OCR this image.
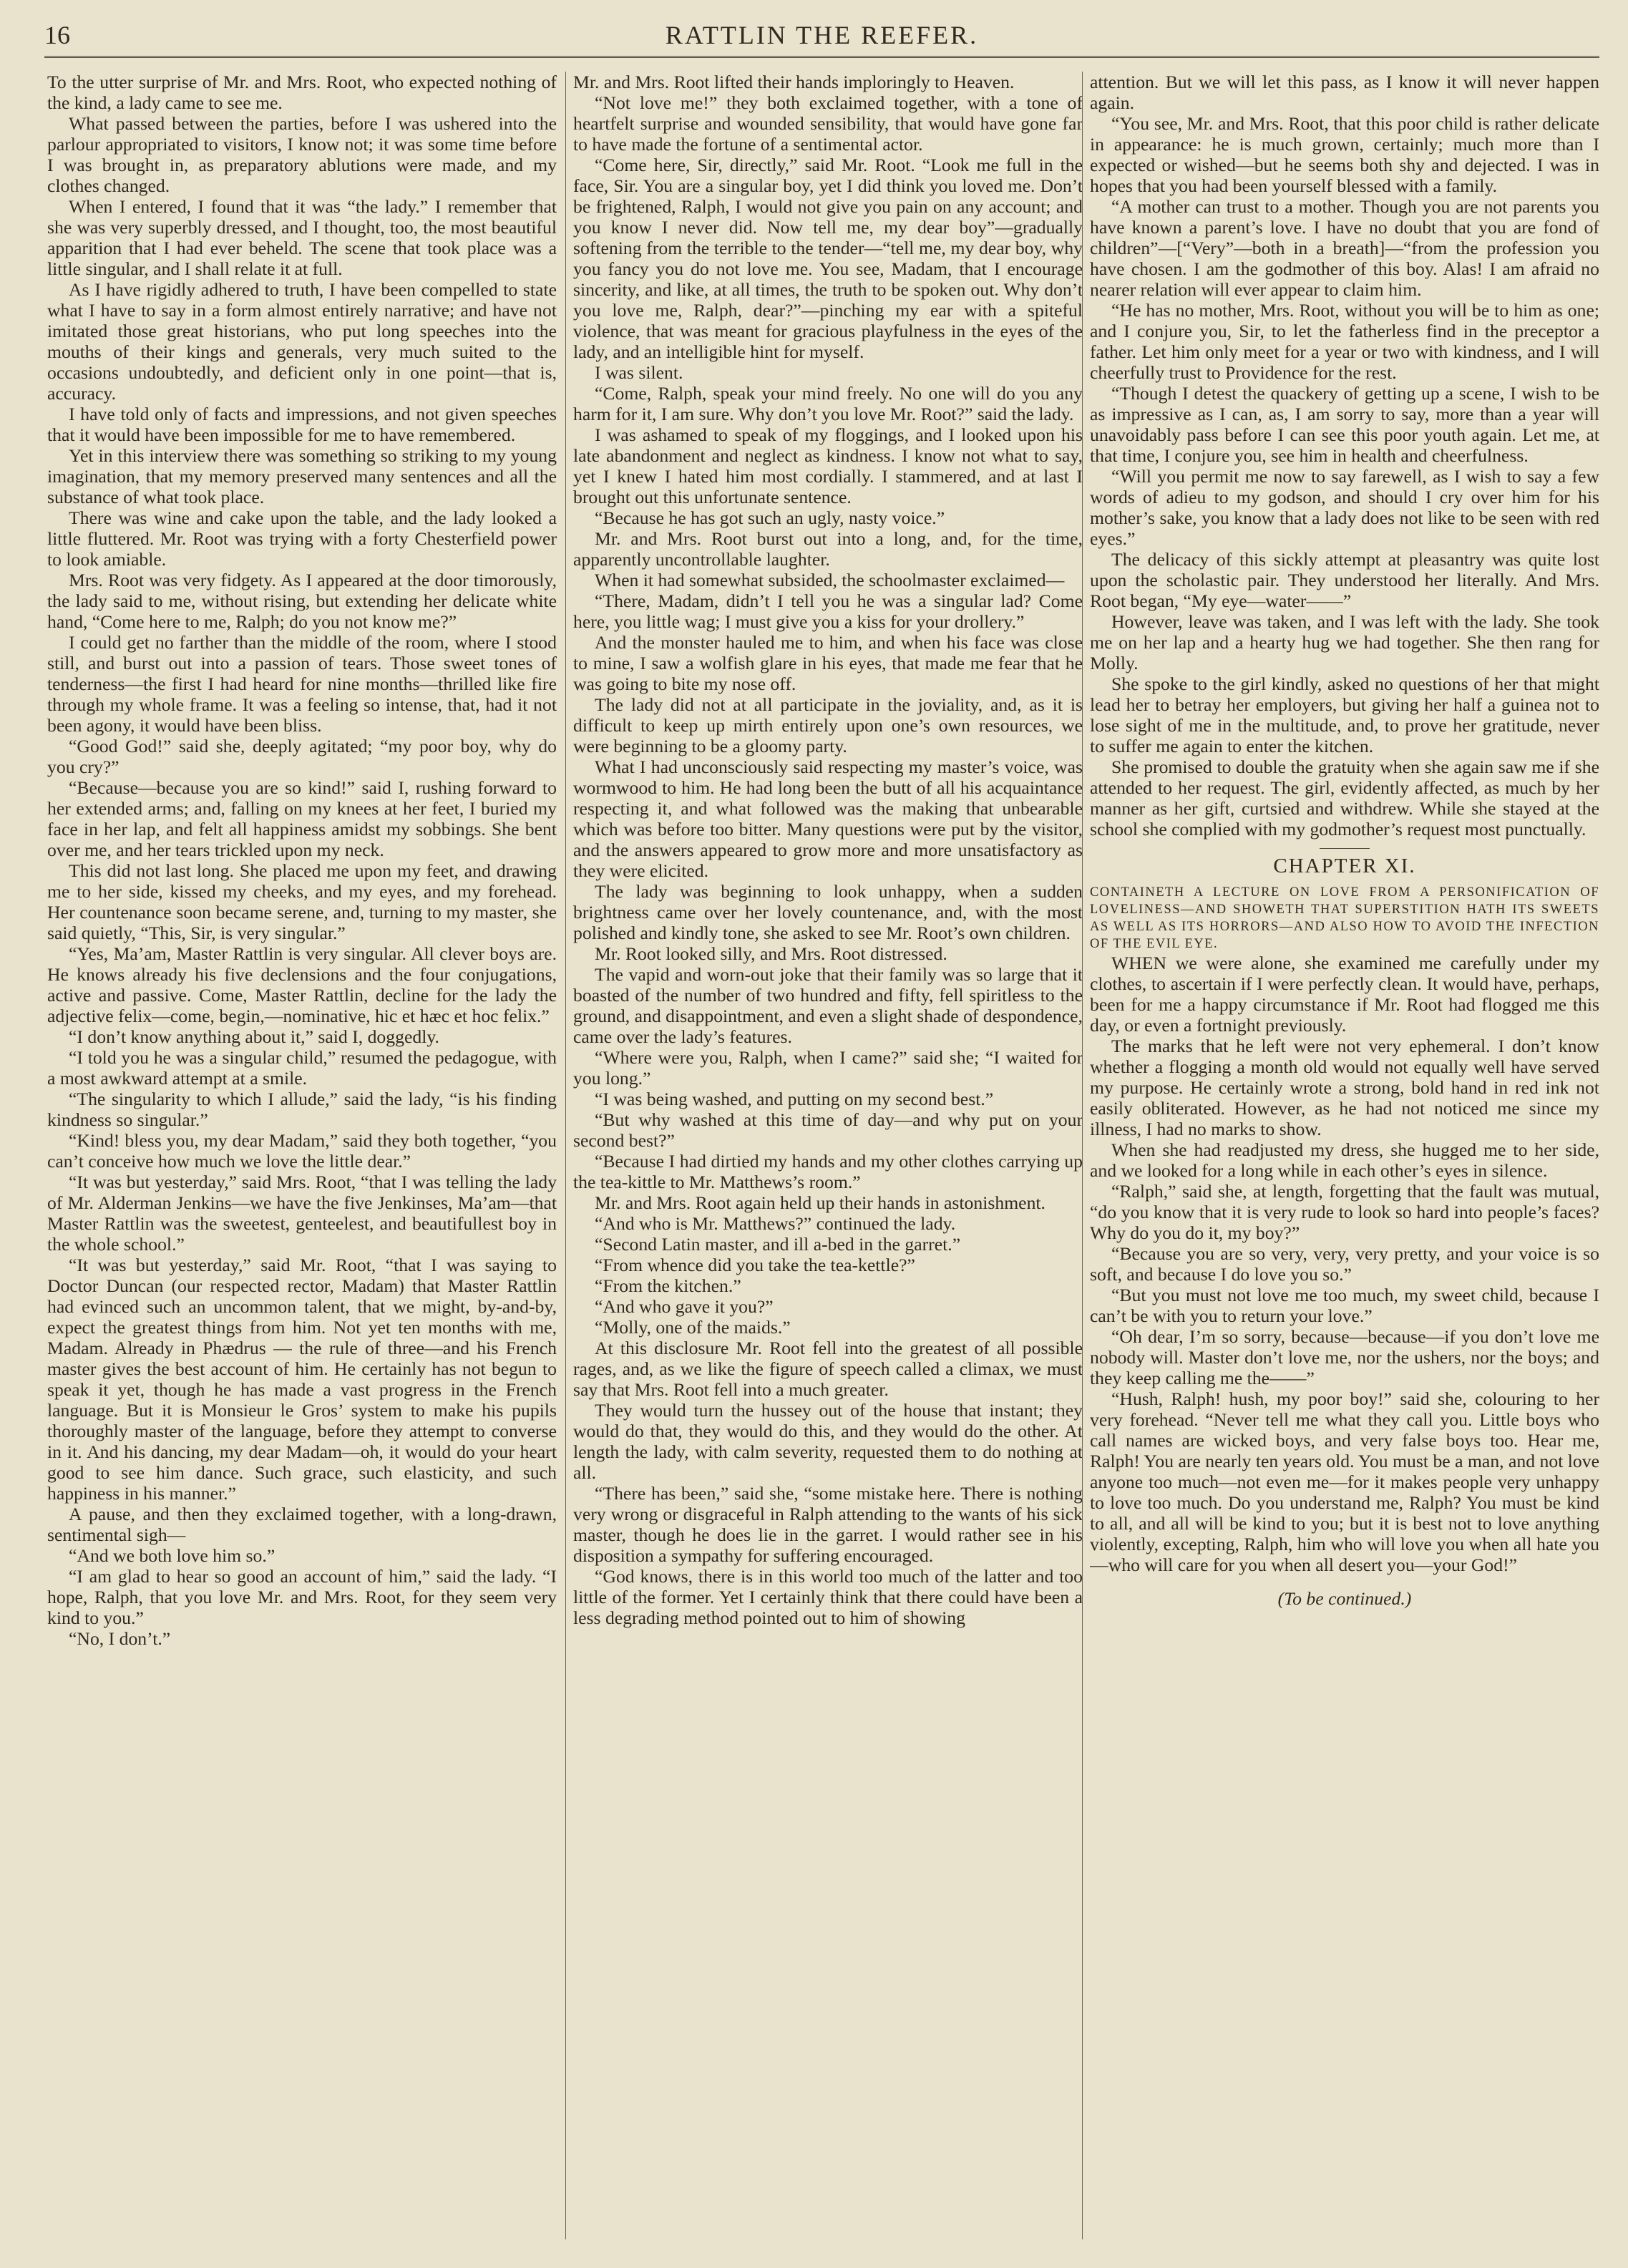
16	RATTLIN THE REEFER.

To the utter surprise of Mr. and Mrs. Root, who expected nothing of the kind, a lady came to see me.

What passed between the parties, before I was ushered into the parlour appropriated to visitors, I know not; it was some time before I was brought in, as preparatory ablutions were made, and my clothes changed.

When I entered, I found that it was “the lady.” I remember that she was very superbly dressed, and I thought, too, the most beautiful apparition that I had ever beheld. The scene that took place was a little singular, and I shall relate it at full.

As I have rigidly adhered to truth, I have been compelled to state what I have to say in a form almost entirely narrative; and have not imitated those great historians, who put long speeches into the mouths of their kings and generals, very much suited to the occasions undoubtedly, and deficient only in one point—that is, accuracy.

I have told only of facts and impressions, and not given speeches that it would have been impossible for me to have remembered.

Yet in this interview there was something so striking to my young imagination, that my memory preserved many sentences and all the substance of what took place.

There was wine and cake upon the table, and the lady looked a little fluttered. Mr. Root was trying with a forty Chesterfield power to look amiable.

Mrs. Root was very fidgety. As I appeared at the door timorously, the lady said to me, without rising, but extending her delicate white hand, “Come here to me, Ralph; do you not know me?”

I could get no farther than the middle of the room, where I stood still, and burst out into a passion of tears. Those sweet tones of tenderness—the first I had heard for nine months—thrilled like fire through my whole frame. It was a feeling so intense, that, had it not been agony, it would have been bliss.

“Good God!” said she, deeply agitated; “my poor boy, why do you cry?”

“Because—because you are so kind!” said I, rushing forward to her extended arms; and, falling on my knees at her feet, I buried my face in her lap, and felt all happiness amidst my sobbings. She bent over me, and her tears trickled upon my neck.

This did not last long. She placed me upon my feet, and drawing me to her side, kissed my cheeks, and my eyes, and my forehead. Her countenance soon became serene, and, turning to my master, she said quietly, “This, Sir, is very singular.”

“Yes, Ma’am, Master Rattlin is very singular. All clever boys are. He knows already his five declensions and the four conjugations, active and passive. Come, Master Rattlin, decline for the lady the adjective felix—come, begin,—nominative, hic et hæc et hoc felix.”

“I don’t know anything about it,” said I, doggedly.

“I told you he was a singular child,” resumed the pedagogue, with a most awkward attempt at a smile.

“The singularity to which I allude,” said the lady, “is his finding kindness so singular.”

“Kind! bless you, my dear Madam,” said they both together, “you can’t conceive how much we love the little dear.”

“It was but yesterday,” said Mrs. Root, “that I was telling the lady of Mr. Alderman Jenkins—we have the five Jenkinses, Ma’am—that Master Rattlin was the sweetest, genteelest, and beautifullest boy in the whole school.”

“It was but yesterday,” said Mr. Root, “that I was saying to Doctor Duncan (our respected rector, Madam) that Master Rattlin had evinced such an uncommon talent, that we might, by-and-by, expect the greatest things from him. Not yet ten months with me, Madam. Already in Phædrus — the rule of three—and his French master gives the best account of him. He certainly has not begun to speak it yet, though he has made a vast progress in the French language. But it is Monsieur le Gros’ system to make his pupils thoroughly master of the language, before they attempt to converse in it. And his dancing, my dear Madam—oh, it would do your heart good to see him dance. Such grace, such elasticity, and such happiness in his manner.”

A pause, and then they exclaimed together, with a long-drawn, sentimental sigh—

“And we both love him so.”

“I am glad to hear so good an account of him,” said the lady. “I hope, Ralph, that you love Mr. and Mrs. Root, for they seem very kind to you.”

“No, I don’t.”

Mr. and Mrs. Root lifted their hands imploringly to Heaven.

“Not love me!” they both exclaimed together, with a tone of heartfelt surprise and wounded sensibility, that would have gone far to have made the fortune of a sentimental actor.

“Come here, Sir, directly,” said Mr. Root. “Look me full in the face, Sir. You are a singular boy, yet I did think you loved me. Don’t be frightened, Ralph, I would not give you pain on any account; and you know I never did. Now tell me, my dear boy”—gradually softening from the terrible to the tender—“tell me, my dear boy, why you fancy you do not love me. You see, Madam, that I encourage sincerity, and like, at all times, the truth to be spoken out. Why don’t you love me, Ralph, dear?”—pinching my ear with a spiteful violence, that was meant for gracious playfulness in the eyes of the lady, and an intelligible hint for myself.

I was silent.

“Come, Ralph, speak your mind freely. No one will do you any harm for it, I am sure. Why don’t you love Mr. Root?” said the lady.

I was ashamed to speak of my floggings, and I looked upon his late abandonment and neglect as kindness. I know not what to say, yet I knew I hated him most cordially. I stammered, and at last I brought out this unfortunate sentence.

“Because he has got such an ugly, nasty voice.”

Mr. and Mrs. Root burst out into a long, and, for the time, apparently uncontrollable laughter.

When it had somewhat subsided, the schoolmaster exclaimed—

“There, Madam, didn’t I tell you he was a singular lad? Come here, you little wag; I must give you a kiss for your drollery.”

And the monster hauled me to him, and when his face was close to mine, I saw a wolfish glare in his eyes, that made me fear that he was going to bite my nose off.

The lady did not at all participate in the joviality, and, as it is difficult to keep up mirth entirely upon one’s own resources, we were beginning to be a gloomy party.

What I had unconsciously said respecting my master’s voice, was wormwood to him. He had long been the butt of all his acquaintance respecting it, and what followed was the making that unbearable which was before too bitter. Many questions were put by the visitor, and the answers appeared to grow more and more unsatisfactory as they were elicited.

The lady was beginning to look unhappy, when a sudden brightness came over her lovely countenance, and, with the most polished and kindly tone, she asked to see Mr. Root’s own children.

Mr. Root looked silly, and Mrs. Root distressed.

The vapid and worn-out joke that their family was so large that it boasted of the number of two hundred and fifty, fell spiritless to the ground, and disappointment, and even a slight shade of despondence, came over the lady’s features.

“Where were you, Ralph, when I came?” said she; “I waited for you long.”

“I was being washed, and putting on my second best.”

“But why washed at this time of day—and why put on your second best?”

“Because I had dirtied my hands and my other clothes carrying up the tea-kittle to Mr. Matthews’s room.”

Mr. and Mrs. Root again held up their hands in astonishment.

“And who is Mr. Matthews?” continued the lady.

“Second Latin master, and ill a-bed in the garret.”

“From whence did you take the tea-kettle?”

“From the kitchen.”

“And who gave it you?”

“Molly, one of the maids.”

At this disclosure Mr. Root fell into the greatest of all possible rages, and, as we like the figure of speech called a climax, we must say that Mrs. Root fell into a much greater.

They would turn the hussey out of the house that instant; they would do that, they would do this, and they would do the other. At length the lady, with calm severity, requested them to do nothing at all.

“There has been,” said she, “some mistake here. There is nothing very wrong or disgraceful in Ralph attending to the wants of his sick master, though he does lie in the garret. I would rather see in his disposition a sympathy for suffering encouraged.

“God knows, there is in this world too much of the latter and too little of the former. Yet I certainly think that there could have been a less degrading method pointed out to him of showing

attention. But we will let this pass, as I know it will never happen again.

“You see, Mr. and Mrs. Root, that this poor child is rather delicate in appearance: he is much grown, certainly; much more than I expected or wished—but he seems both shy and dejected. I was in hopes that you had been yourself blessed with a family.

“A mother can trust to a mother. Though you are not parents you have known a parent’s love. I have no doubt that you are fond of children”—[“Very”—both in a breath]—“from the profession you have chosen. I am the godmother of this boy. Alas! I am afraid no nearer relation will ever appear to claim him.

“He has no mother, Mrs. Root, without you will be to him as one; and I conjure you, Sir, to let the fatherless find in the preceptor a father. Let him only meet for a year or two with kindness, and I will cheerfully trust to Providence for the rest.

“Though I detest the quackery of getting up a scene, I wish to be as impressive as I can, as, I am sorry to say, more than a year will unavoidably pass before I can see this poor youth again. Let me, at that time, I conjure you, see him in health and cheerfulness.

“Will you permit me now to say farewell, as I wish to say a few words of adieu to my godson, and should I cry over him for his mother’s sake, you know that a lady does not like to be seen with red eyes.”

The delicacy of this sickly attempt at pleasantry was quite lost upon the scholastic pair. They understood her literally. And Mrs. Root began, “My eye—water——”

However, leave was taken, and I was left with the lady. She took me on her lap and a hearty hug we had together. She then rang for Molly.

She spoke to the girl kindly, asked no questions of her that might lead her to betray her employers, but giving her half a guinea not to lose sight of me in the multitude, and, to prove her gratitude, never to suffer me again to enter the kitchen.

She promised to double the gratuity when she again saw me if she attended to her request. The girl, evidently affected, as much by her manner as her gift, curtsied and withdrew. While she stayed at the school she complied with my godmother’s request most punctually.

CHAPTER XI.

CONTAINETH A LECTURE ON LOVE FROM A PERSONIFICATION OF LOVELINESS—AND SHOWETH THAT SUPERSTITION HATH ITS SWEETS AS WELL AS ITS HORRORS—AND ALSO HOW TO AVOID THE INFECTION OF THE EVIL EYE.

WHEN we were alone, she examined me carefully under my clothes, to ascertain if I were perfectly clean. It would have, perhaps, been for me a happy circumstance if Mr. Root had flogged me this day, or even a fortnight previously.

The marks that he left were not very ephemeral. I don’t know whether a flogging a month old would not equally well have served my purpose. He certainly wrote a strong, bold hand in red ink not easily obliterated. However, as he had not noticed me since my illness, I had no marks to show.

When she had readjusted my dress, she hugged me to her side, and we looked for a long while in each other’s eyes in silence.

“Ralph,” said she, at length, forgetting that the fault was mutual, “do you know that it is very rude to look so hard into people’s faces? Why do you do it, my boy?”

“Because you are so very, very, very pretty, and your voice is so soft, and because I do love you so.”

“But you must not love me too much, my sweet child, because I can’t be with you to return your love.”

“Oh dear, I’m so sorry, because—because—if you don’t love me nobody will. Master don’t love me, nor the ushers, nor the boys; and they keep calling me the——”

“Hush, Ralph! hush, my poor boy!” said she, colouring to her very forehead. “Never tell me what they call you. Little boys who call names are wicked boys, and very false boys too. Hear me, Ralph! You are nearly ten years old. You must be a man, and not love anyone too much—not even me—for it makes people very unhappy to love too much. Do you understand me, Ralph? You must be kind to all, and all will be kind to you; but it is best not to love anything violently, excepting, Ralph, him who will love you when all hate you—who will care for you when all desert you—your God!”

(To be continued.)
